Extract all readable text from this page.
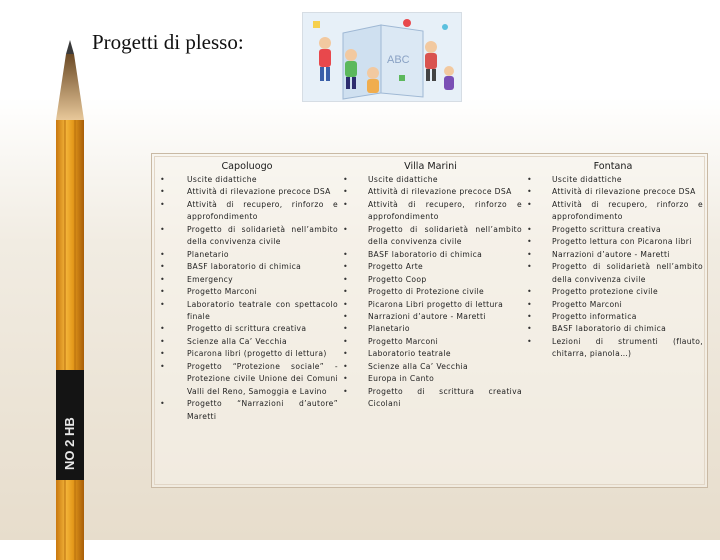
Progetti di plesso:
ABC
NO 2 HB
Capoluogo
• Uscite didattiche
• Attività di rilevazione precoce DSA
• Attività di recupero, rinforzo e approfondimento
• Progetto di solidarietà nell’ambito della convivenza civile
• Planetario
• BASF laboratorio di chimica
• Emergency
• Progetto Marconi
• Laboratorio teatrale con spettacolo finale
• Progetto di scrittura creativa
• Scienze alla Ca’ Vecchia
• Picarona libri (progetto di lettura)
• Progetto “Protezione sociale” - Protezione civile Unione dei Comuni Valli del Reno, Samoggia e Lavino
• Progetto “Narrazioni d’autore” Maretti
Villa Marini
• Uscite didattiche
• Attività di rilevazione precoce DSA
• Attività di recupero, rinforzo e approfondimento
• Progetto di solidarietà nell’ambito della convivenza civile
• BASF laboratorio di chimica
• Progetto Arte
• Progetto Coop
• Progetto di Protezione civile
• Picarona Libri progetto di lettura
• Narrazioni d’autore - Maretti
• Planetario
• Progetto Marconi
• Laboratorio teatrale
• Scienze alla Ca’ Vecchia
• Europa in Canto
• Progetto di scrittura creativa Cicolani
Fontana
• Uscite didattiche
• Attività di rilevazione precoce DSA
• Attività di recupero, rinforzo e approfondimento
• Progetto scrittura creativa
• Progetto lettura con Picarona libri
• Narrazioni d’autore - Maretti
• Progetto di solidarietà nell’ambito della convivenza civile
• Progetto protezione civile
• Progetto Marconi
• Progetto informatica
• BASF laboratorio di chimica
• Lezioni di strumenti (flauto, chitarra, pianola…)
